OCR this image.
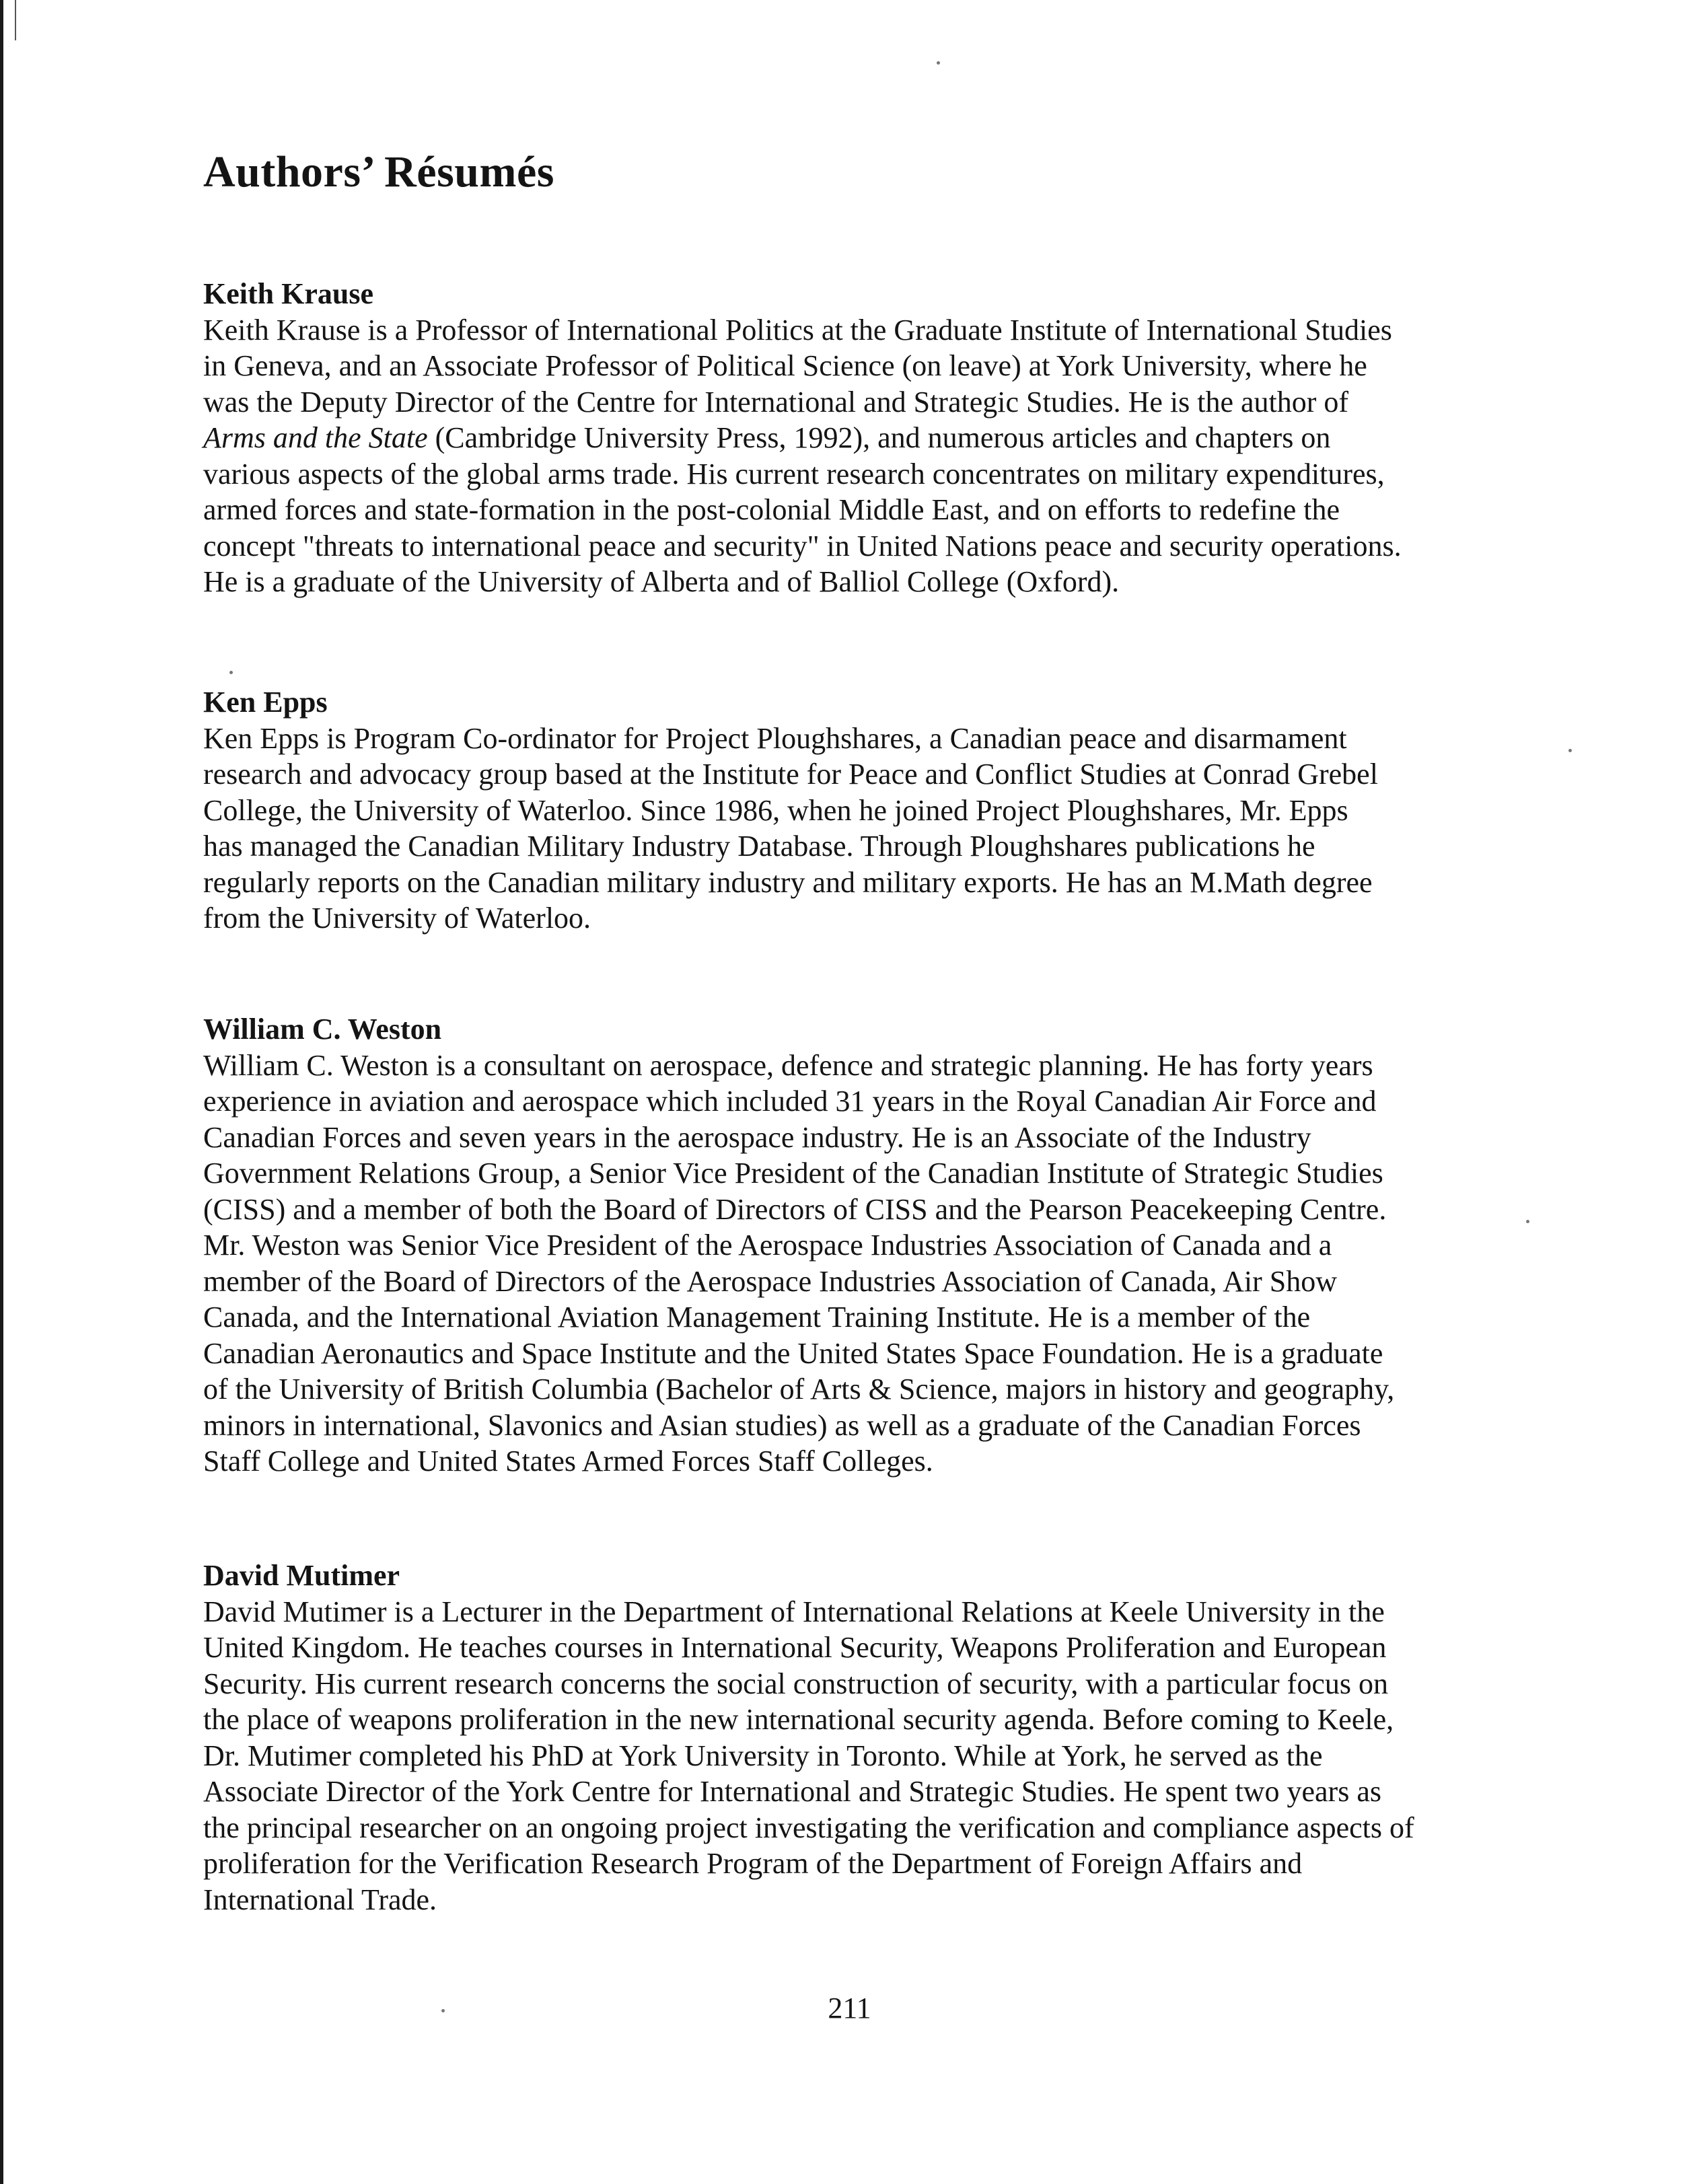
Authors’ Résumés
Keith Krause

Keith Krause is a Professor of International Politics at the Graduate Institute of International Studies
in Geneva, and an Associate Professor of Political Science (on leave) at York University, where he
was the Deputy Director of the Centre for International and Strategic Studies. He is the author of
Arms and the State (Cambridge University Press, 1992), and numerous articles and chapters on
various aspects of the global arms trade. His current research concentrates on military expenditures,
armed forces and state-formation in the post-colonial Middle East, and on efforts to redefine the
concept "threats to international peace and security" in United Nations peace and security operations.
He is a graduate of the University of Alberta and of Balliol College (Oxford).

Ken Epps

Ken Epps is Program Co-ordinator for Project Ploughshares, a Canadian peace and disarmament
research and advocacy group based at the Institute for Peace and Conflict Studies at Conrad Grebel
College, the University of Waterloo. Since 1986, when he joined Project Ploughshares, Mr. Epps
has managed the Canadian Military Industry Database. Through Ploughshares publications he
regularly reports on the Canadian military industry and military exports. He has an M.Math degree
from the University of Waterloo.

William C. Weston

William C. Weston is a consultant on aerospace, defence and strategic planning. He has forty years
experience in aviation and aerospace which included 31 years in the Royal Canadian Air Force and
Canadian Forces and seven years in the aerospace industry. He is an Associate of the Industry
Government Relations Group, a Senior Vice President of the Canadian Institute of Strategic Studies
(CISS) and a member of both the Board of Directors of CISS and the Pearson Peacekeeping Centre.
Mr. Weston was Senior Vice President of the Aerospace Industries Association of Canada and a
member of the Board of Directors of the Aerospace Industries Association of Canada, Air Show
Canada, and the International Aviation Management Training Institute. He is a member of the
Canadian Aeronautics and Space Institute and the United States Space Foundation. He is a graduate
of the University of British Columbia (Bachelor of Arts & Science, majors in history and geography,
minors in international, Slavonics and Asian studies) as well as a graduate of the Canadian Forces
Staff College and United States Armed Forces Staff Colleges.

David Mutimer

David Mutimer is a Lecturer in the Department of International Relations at Keele University in the
United Kingdom. He teaches courses in International Security, Weapons Proliferation and European
Security. His current research concerns the social construction of security, with a particular focus on
the place of weapons proliferation in the new international security agenda. Before coming to Keele,
Dr. Mutimer completed his PhD at York University in Toronto. While at York, he served as the
Associate Director of the York Centre for International and Strategic Studies. He spent two years as
the principal researcher on an ongoing project investigating the verification and compliance aspects of
proliferation for the Verification Research Program of the Department of Foreign Affairs and
International Trade.

211
